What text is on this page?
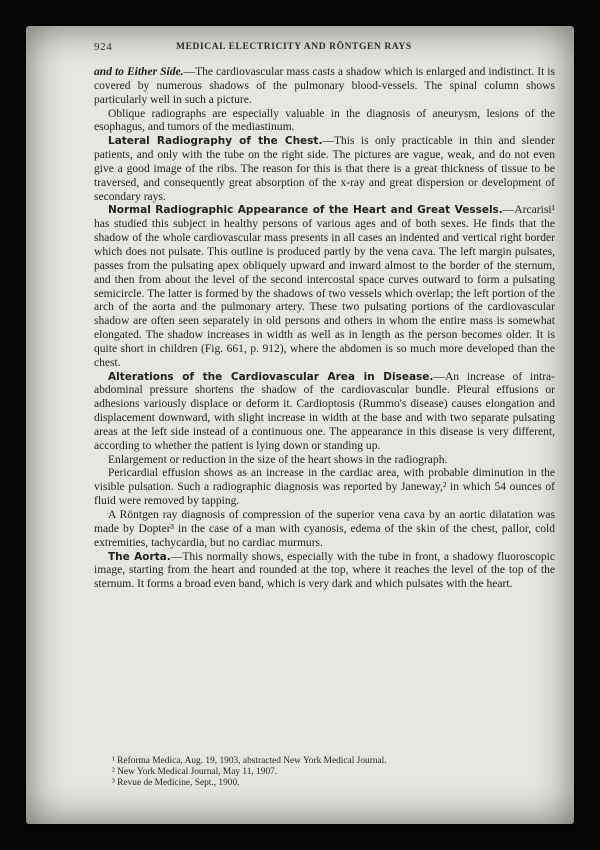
924	MEDICAL ELECTRICITY AND RÖNTGEN RAYS

and to Either Side.—The cardiovascular mass casts a shadow which is enlarged and indistinct. It is covered by numerous shadows of the pulmonary blood-vessels. The spinal column shows particularly well in such a picture.

Oblique radiographs are especially valuable in the diagnosis of aneurysm, lesions of the esophagus, and tumors of the mediastinum.

Lateral Radiography of the Chest.—This is only practicable in thin and slender patients, and only with the tube on the right side. The pictures are vague, weak, and do not even give a good image of the ribs. The reason for this is that there is a great thickness of tissue to be traversed, and consequently great absorption of the x-ray and great dispersion or development of secondary rays.

Normal Radiographic Appearance of the Heart and Great Vessels.—Arcarisi¹ has studied this subject in healthy persons of various ages and of both sexes. He finds that the shadow of the whole cardiovascular mass presents in all cases an indented and vertical right border which does not pulsate. This outline is produced partly by the vena cava. The left margin pulsates, passes from the pulsating apex obliquely upward and inward almost to the border of the sternum, and then from about the level of the second intercostal space curves outward to form a pulsating semicircle. The latter is formed by the shadows of two vessels which overlap; the left portion of the arch of the aorta and the pulmonary artery. These two pulsating portions of the cardiovascular shadow are often seen separately in old persons and others in whom the entire mass is somewhat elongated. The shadow increases in width as well as in length as the person becomes older. It is quite short in children (Fig. 661, p. 912), where the abdomen is so much more developed than the chest.

Alterations of the Cardiovascular Area in Disease.—An increase of intra-abdominal pressure shortens the shadow of the cardiovascular bundle. Pleural effusions or adhesions variously displace or deform it. Cardioptosis (Rummo's disease) causes elongation and displacement downward, with slight increase in width at the base and with two separate pulsating areas at the left side instead of a continuous one. The appearance in this disease is very different, according to whether the patient is lying down or standing up.

Enlargement or reduction in the size of the heart shows in the radiograph.

Pericardial effusion shows as an increase in the cardiac area, with probable diminution in the visible pulsation. Such a radiographic diagnosis was reported by Janeway,² in which 54 ounces of fluid were removed by tapping.

A Röntgen ray diagnosis of compression of the superior vena cava by an aortic dilatation was made by Dopter³ in the case of a man with cyanosis, edema of the skin of the chest, pallor, cold extremities, tachycardia, but no cardiac murmurs.

The Aorta.—This normally shows, especially with the tube in front, a shadowy fluoroscopic image, starting from the heart and rounded at the top, where it reaches the level of the top of the sternum. It forms a broad even band, which is very dark and which pulsates with the heart.

¹ Reforma Medica, Aug. 19, 1903, abstracted New York Medical Journal.
² New York Medical Journal, May 11, 1907.
³ Revue de Medicine, Sept., 1900.
